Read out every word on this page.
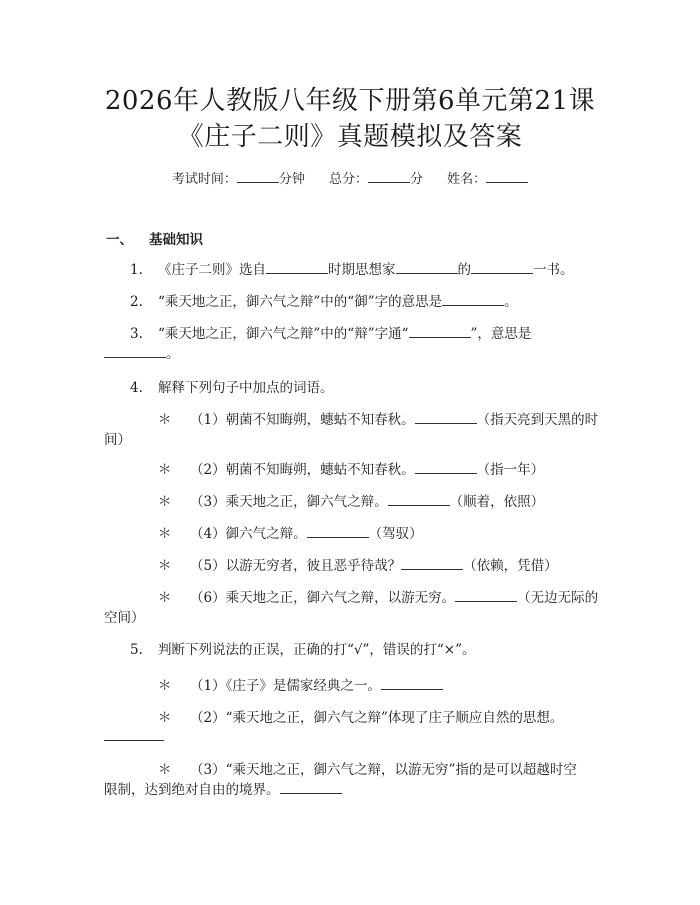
2026年人教版八年级下册第6单元第21课
《庄子二则》真题模拟及答案
考试时间：	分钟 总分：	分 姓名：
一、 基础知识
1. 《庄子二则》选自	时期思想家	的	一书。
2. “乘天地之正，御六气之辩”中的“御”字的意思是	。
3. “乘天地之正，御六气之辩”中的“辩”字通“	”，意思是
。
4. 解释下列句子中加点的词语。
＊ （1）朝菌不知晦朔，蟪蛄不知春秋。	（指天亮到天黑的时
间）
＊ （2）朝菌不知晦朔，蟪蛄不知春秋。	（指一年）
＊ （3）乘天地之正，御六气之辩。	（顺着，依照）
＊ （4）御六气之辩。	（驾驭）
＊ （5）以游无穷者，彼且恶乎待哉？	（依赖，凭借）
＊ （6）乘天地之正，御六气之辩，以游无穷。	（无边无际的
空间）
5. 判断下列说法的正误，正确的打“√”，错误的打“×”。
＊ （1）《庄子》是儒家经典之一。
＊ （2）“乘天地之正，御六气之辩”体现了庄子顺应自然的思想。
＊ （3）“乘天地之正，御六气之辩，以游无穷”指的是可以超越时空
限制，达到绝对自由的境界。
